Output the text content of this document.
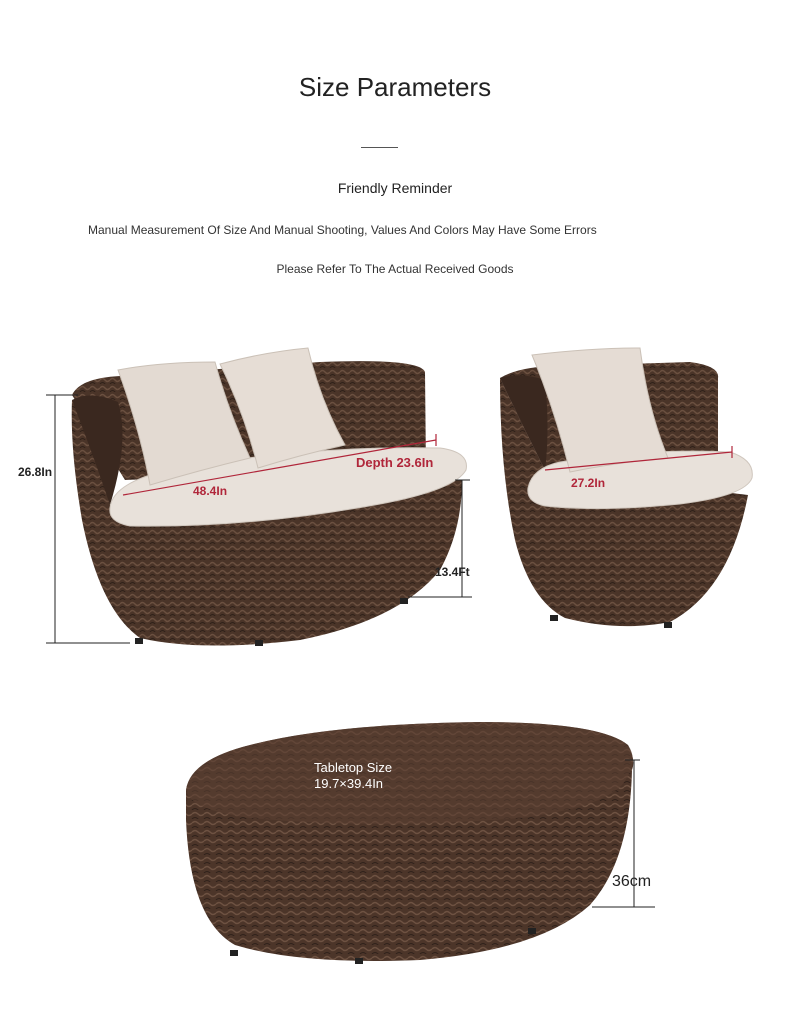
Size Parameters
Friendly Reminder
Manual Measurement Of Size And Manual Shooting, Values And Colors May Have Some Errors
Please Refer To The Actual Received Goods
26.8In
48.4In
Depth 23.6In
13.4Ft
27.2In
Tabletop Size
19.7×39.4In
36cm
